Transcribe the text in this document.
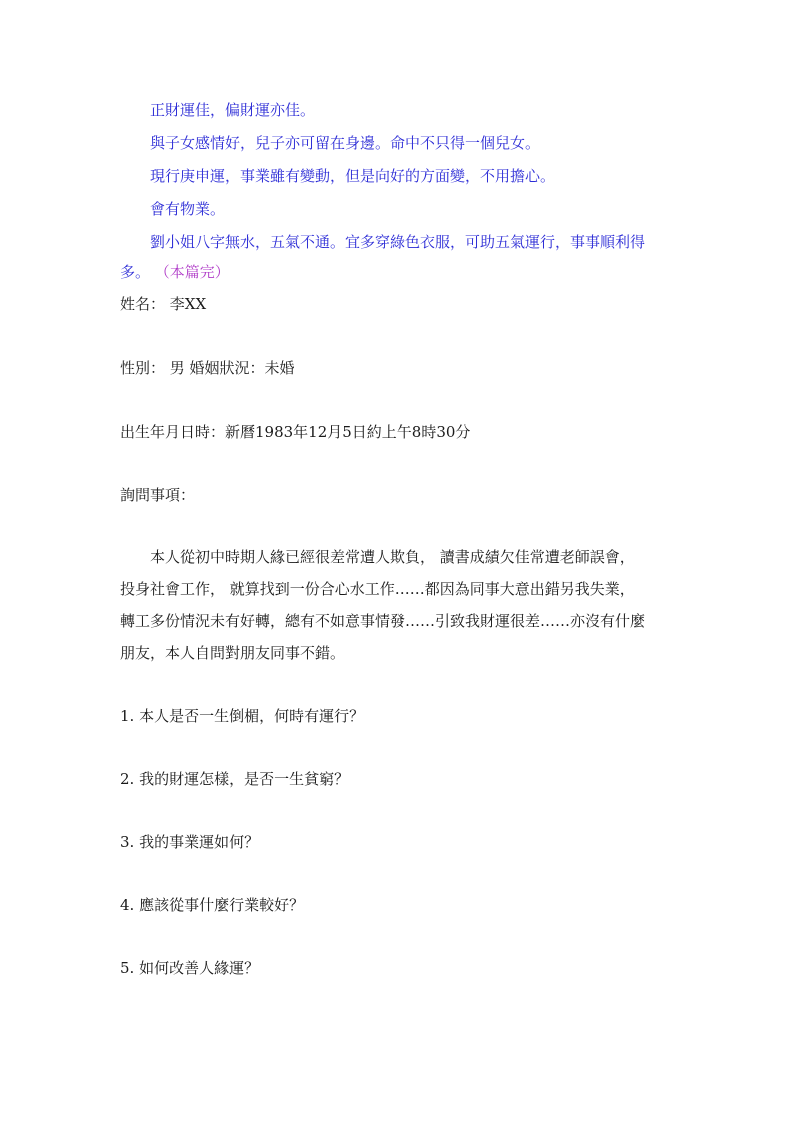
正財運佳，偏財運亦佳。
與子女感情好，兒子亦可留在身邊。命中不只得一個兒女。
現行庚申運，事業雖有變動，但是向好的方面變，不用擔心。
會有物業。
劉小姐八字無水，五氣不通。宜多穿綠色衣服，可助五氣運行，事事順利得
多。 （本篇完）
姓名： 李XX
性別： 男 婚姻狀況：未婚
出生年月日時：新曆1983年12月5日約上午8時30分
詢問事項：
本人從初中時期人緣已經很差常遭人欺負， 讀書成績欠佳常遭老師誤會，
投身社會工作， 就算找到一份合心水工作……都因為同事大意出錯另我失業，
轉工多份情況未有好轉，總有不如意事情發……引致我財運很差……亦沒有什麼
朋友，本人自問對朋友同事不錯。
1. 本人是否一生倒楣，何時有運行？
2. 我的財運怎樣，是否一生貧窮？
3. 我的事業運如何？
4. 應該從事什麼行業較好？
5. 如何改善人緣運？
